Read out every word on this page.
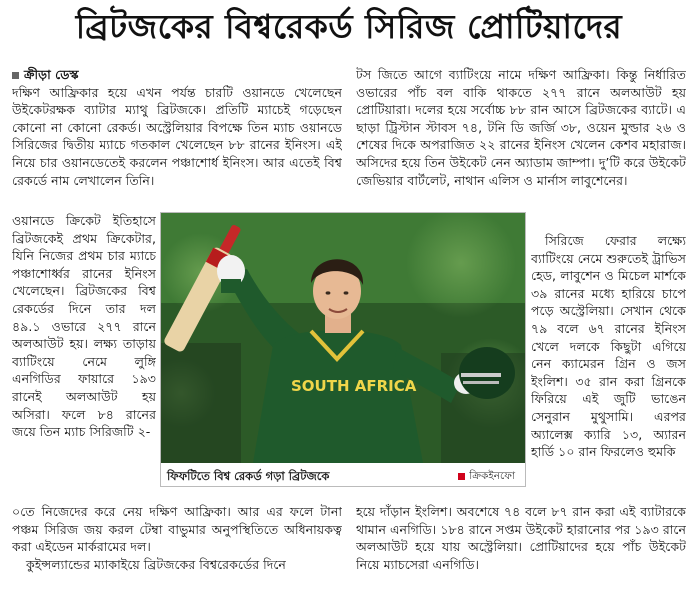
ব্রিটজকের বিশ্বরেকর্ড সিরিজ প্রোটিয়াদের

ক্রীড়া ডেস্ক

দক্ষিণ আফ্রিকার হয়ে এখন পর্যন্ত চারটি ওয়ানডে খেলেছেন উইকেটরক্ষক ব্যাটার ম্যাথু ব্রিটজকে। প্রতিটি ম্যাচেই গড়েছেন কোনো না কোনো রেকর্ড। অস্ট্রেলিয়ার বিপক্ষে তিন ম্যাচ ওয়ানডে সিরিজের দ্বিতীয় ম্যাচে গতকাল খেলেছেন ৮৮ রানের ইনিংস। এই নিয়ে চার ওয়ানডেতেই করলেন পঞ্চাশোর্ধ ইনিংস। আর এতেই বিশ্ব রেকর্ডে নাম লেখালেন তিনি।

ওয়ানডে ক্রিকেট ইতিহাসে ব্রিটজকেই প্রথম ক্রিকেটার, যিনি নিজের প্রথম চার ম্যাচে পঞ্চাশোর্ধ্বর রানের ইনিংস খেলেছেন। ব্রিটজকের বিশ্ব রেকর্ডের দিনে তার দল ৪৯.১ ওভারে ২৭৭ রানে অলআউট হয়। লক্ষ্য তাড়ায় ব্যাটিংয়ে নেমে লুঙ্গি এনগিডির ফায়ারে ১৯৩ রানেই অলআউট হয় অসিরা। ফলে ৮৪ রানের জয়ে তিন ম্যাচ সিরিজটি ২-

০তে নিজেদের করে নেয় দক্ষিণ আফ্রিকা। আর এর ফলে টানা পঞ্চম সিরিজ জয় করল টেম্বা বাভুমার অনুপস্থিতিতে অধিনায়কত্ব করা এইডেন মার্করামের দল।

কুইন্সল্যান্ডের ম্যাকাইয়ে ব্রিটজকের বিশ্বরেকর্ডের দিনে

টস জিতে আগে ব্যাটিংয়ে নামে দক্ষিণ আফ্রিকা। কিন্তু নির্ধারিত ওভারের পাঁচ বল বাকি থাকতে ২৭৭ রানে অলআউট হয় প্রোটিয়ারা। দলের হয়ে সর্বোচ্চ ৮৮ রান আসে ব্রিটজকের ব্যাটে। এ ছাড়া ট্রিস্টান স্টাবস ৭৪, টনি ডি জর্জি ৩৮, ওয়েন মুল্ডার ২৬ ও শেষের দিকে অপরাজিত ২২ রানের ইনিংস খেলেন কেশব মহারাজ। অসিদের হয়ে তিন উইকেট নেন অ্যাডাম জাম্পা। দু’টি করে উইকেট জেভিয়ার বার্টলেট, নাথান এলিস ও মার্নাস লাবুশেনের।

সিরিজে ফেরার লক্ষ্যে ব্যাটিংয়ে নেমে শুরুতেই ট্রাভিস হেড, লাবুশেন ও মিচেল মার্শকে ৩৯ রানের মধ্যে হারিয়ে চাপে পড়ে অস্ট্রেলিয়া। সেখান থেকে ৭৯ বলে ৬৭ রানের ইনিংস খেলে দলকে কিছুটা এগিয়ে নেন ক্যামেরন গ্রিন ও জস ইংলিশ। ৩৫ রান করা গ্রিনকে ফিরিয়ে এই জুটি ভাঙেন সেনুরান মুথুসামি। এরপর অ্যালেক্স ক্যারি ১৩, অ্যারন হার্ডি ১০ রান ফিরলেও হুমকি

হয়ে দাঁড়ান ইংলিশ। অবশেষে ৭৪ বলে ৮৭ রান করা এই ব্যাটারকে থামান এনগিডি। ১৮৪ রানে সপ্তম উইকেট হারানোর পর ১৯৩ রানে অলআউট হয়ে যায় অস্ট্রেলিয়া। প্রোটিয়াদের হয়ে পাঁচ উইকেট নিয়ে ম্যাচসেরা এনগিডি।

SOUTH AFRICA
ফিফটিতে বিশ্ব রেকর্ড গড়া ব্রিটজকে	ক্রিকইনফো
